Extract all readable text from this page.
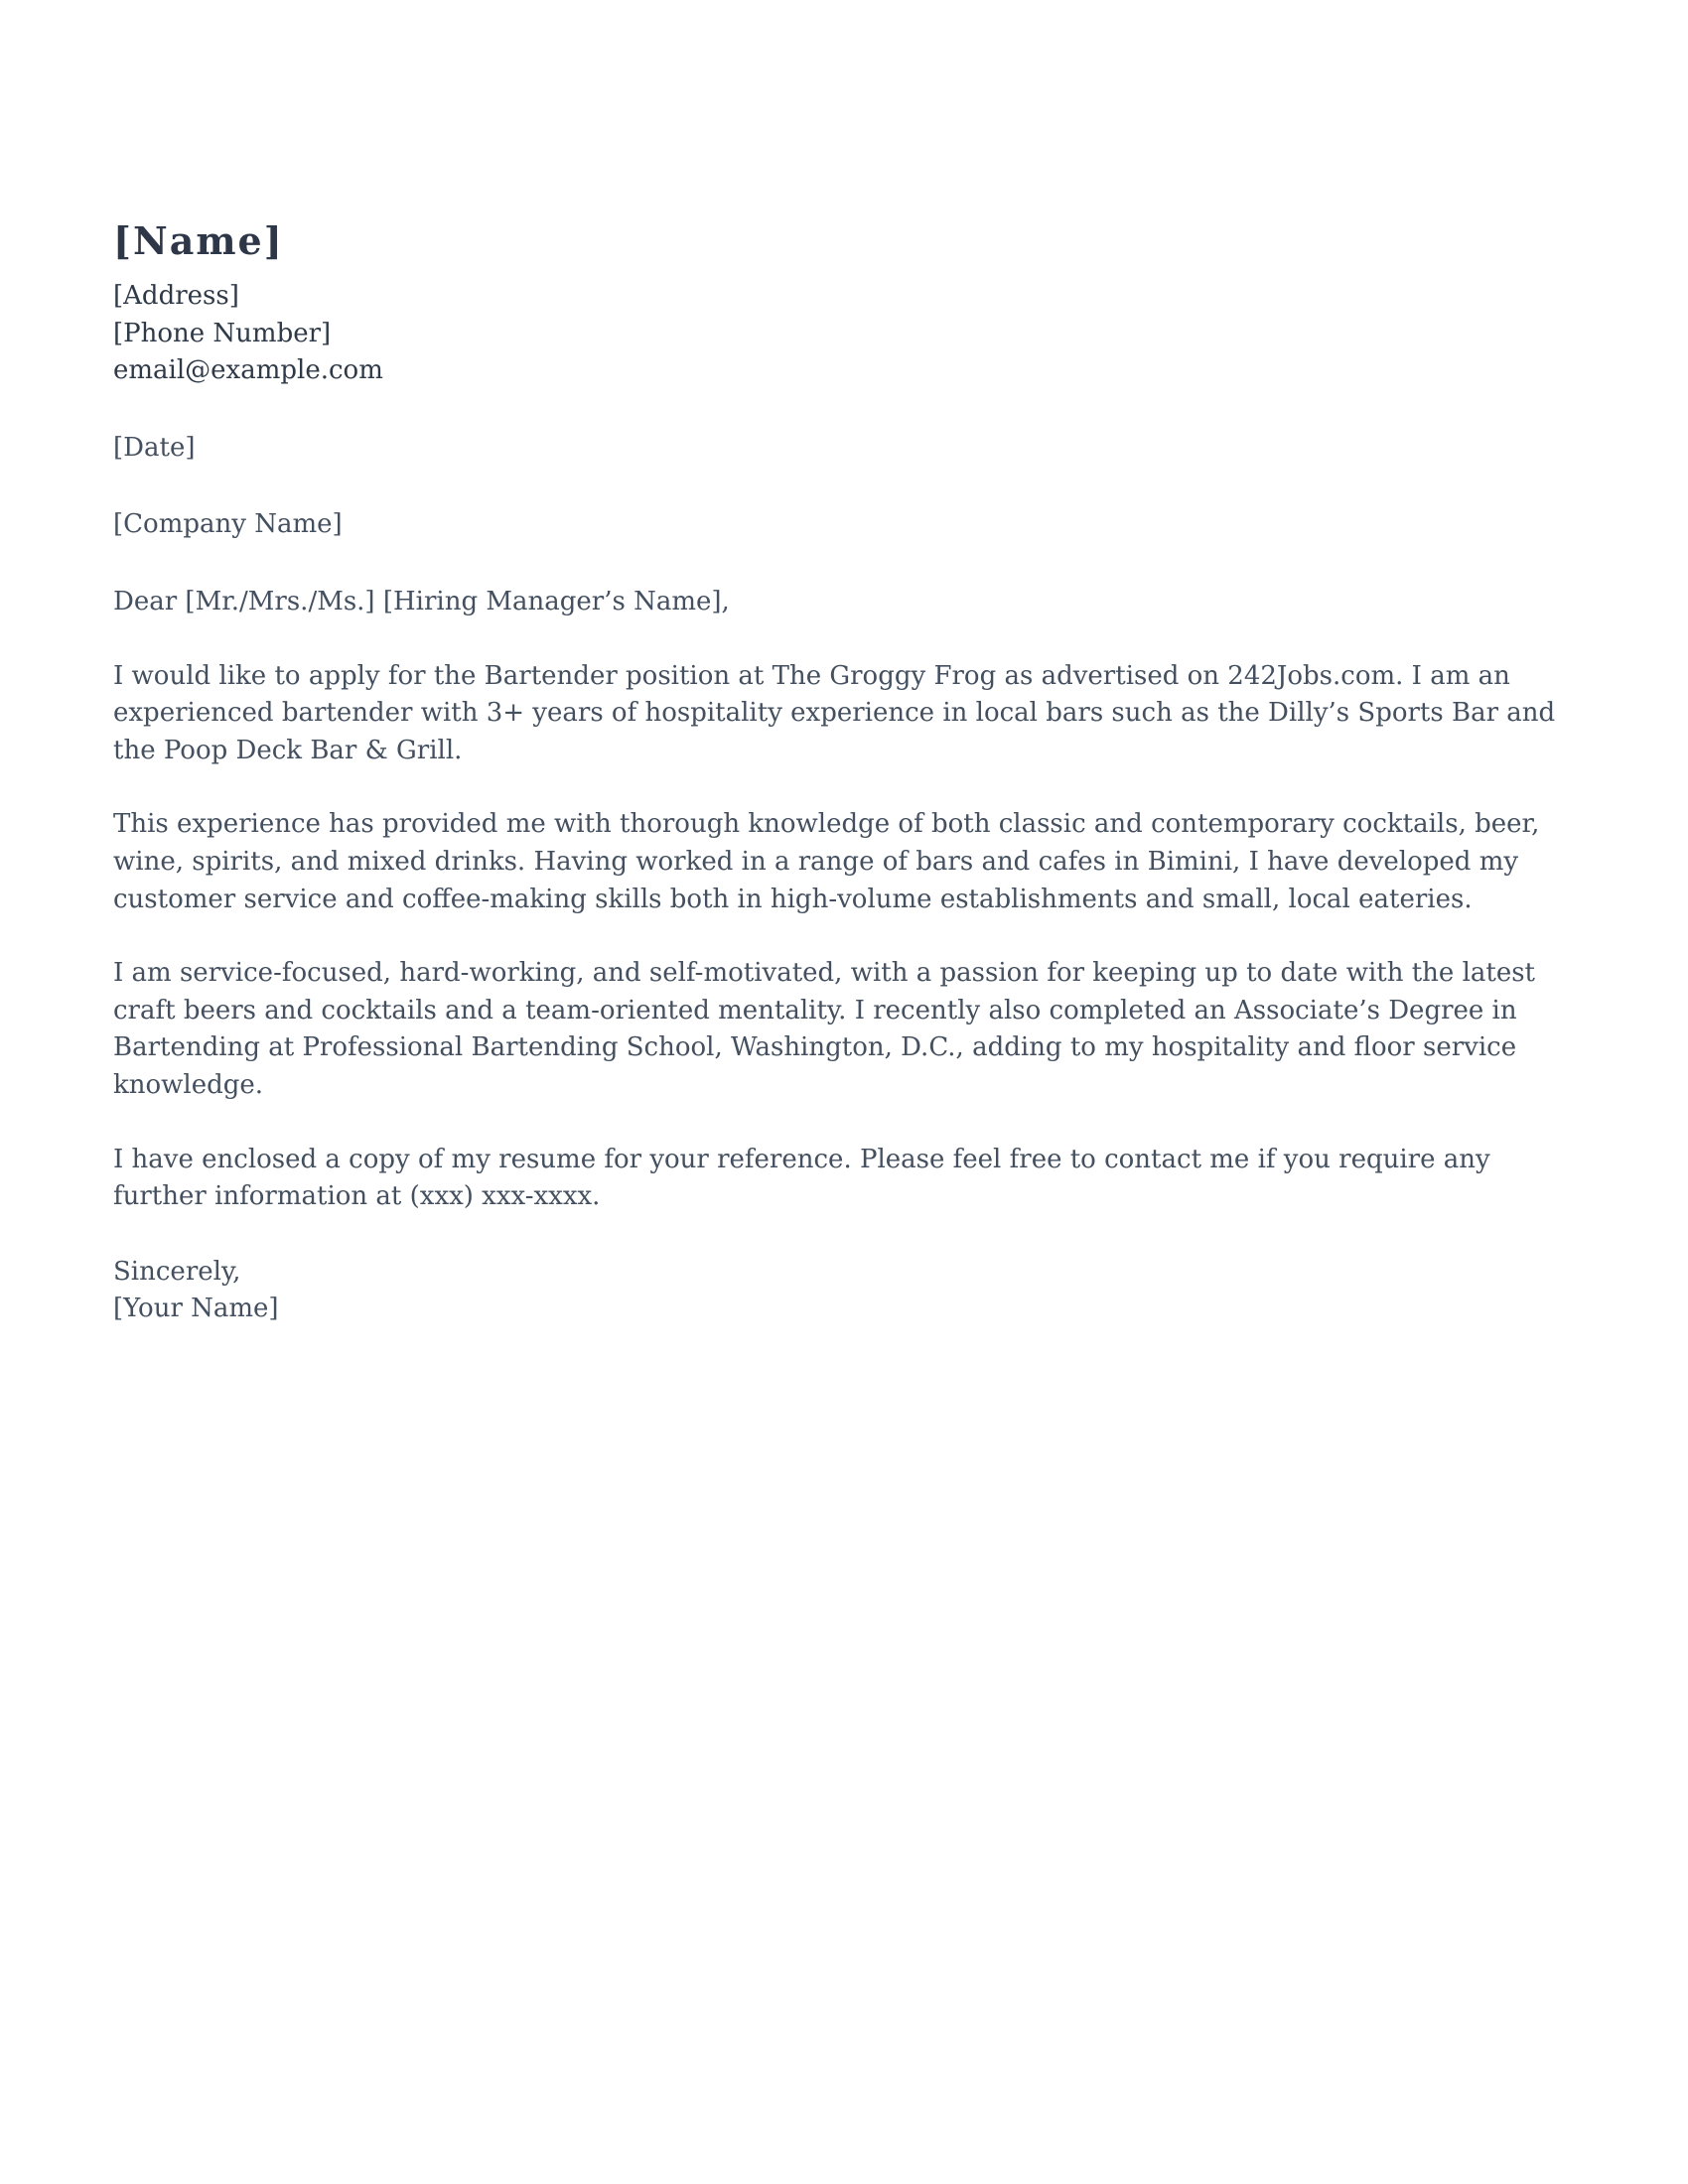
[Name]
[Address]
[Phone Number]
email@example.com
[Date]
[Company Name]
Dear [Mr./Mrs./Ms.] [Hiring Manager’s Name],

I would like to apply for the Bartender position at The Groggy Frog as advertised on 242Jobs.com. I am an experienced bartender with 3+ years of hospitality experience in local bars such as the Dilly’s Sports Bar and the Poop Deck Bar & Grill.

This experience has provided me with thorough knowledge of both classic and contemporary cocktails, beer, wine, spirits, and mixed drinks. Having worked in a range of bars and cafes in Bimini, I have developed my customer service and coffee-making skills both in high-volume establishments and small, local eateries.

I am service-focused, hard-working, and self-motivated, with a passion for keeping up to date with the latest craft beers and cocktails and a team-oriented mentality. I recently also completed an Associate’s Degree in Bartending at Professional Bartending School, Washington, D.C., adding to my hospitality and floor service knowledge.

I have enclosed a copy of my resume for your reference. Please feel free to contact me if you require any further information at (xxx) xxx-xxxx.

Sincerely,
[Your Name]
